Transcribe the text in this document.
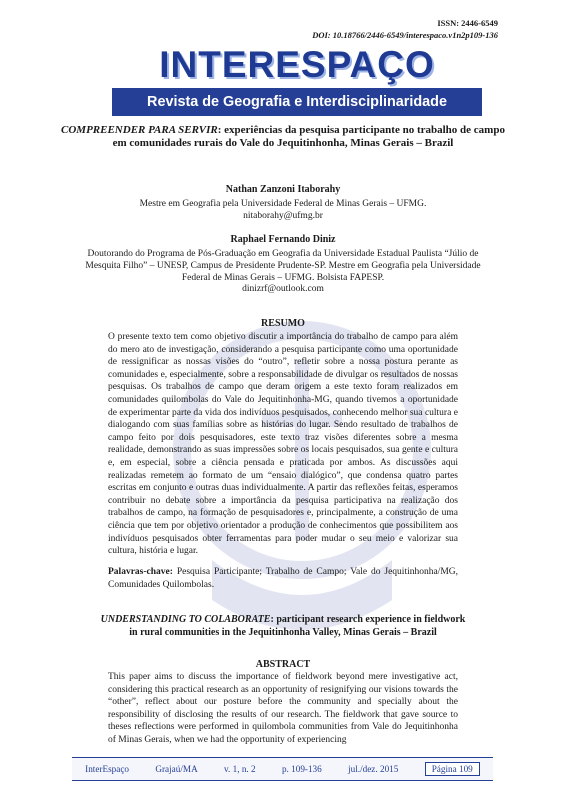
ISSN: 2446-6549
DOI: 10.18766/2446-6549/interespaco.v1n2p109-136
INTERESPAÇO
Revista de Geografia e Interdisciplinaridade
COMPREENDER PARA SERVIR: experiências da pesquisa participante no trabalho de campo em comunidades rurais do Vale do Jequitinhonha, Minas Gerais – Brazil
Nathan Zanzoni Itaborahy
Mestre em Geografia pela Universidade Federal de Minas Gerais – UFMG.
nitaborahy@ufmg.br
Raphael Fernando Diniz
Doutorando do Programa de Pós-Graduação em Geografia da Universidade Estadual Paulista “Júlio de Mesquita Filho” – UNESP, Campus de Presidente Prudente-SP. Mestre em Geografia pela Universidade Federal de Minas Gerais – UFMG. Bolsista FAPESP.
dinizrf@outlook.com
RESUMO
O presente texto tem como objetivo discutir a importância do trabalho de campo para além do mero ato de investigação, considerando a pesquisa participante como uma oportunidade de ressignificar as nossas visões do “outro”, refletir sobre a nossa postura perante as comunidades e, especialmente, sobre a responsabilidade de divulgar os resultados de nossas pesquisas. Os trabalhos de campo que deram origem a este texto foram realizados em comunidades quilombolas do Vale do Jequitinhonha-MG, quando tivemos a oportunidade de experimentar parte da vida dos indivíduos pesquisados, conhecendo melhor sua cultura e dialogando com suas famílias sobre as histórias do lugar. Sendo resultado de trabalhos de campo feito por dois pesquisadores, este texto traz visões diferentes sobre a mesma realidade, demonstrando as suas impressões sobre os locais pesquisados, sua gente e cultura e, em especial, sobre a ciência pensada e praticada por ambos. As discussões aqui realizadas remetem ao formato de um “ensaio dialógico”, que condensa quatro partes escritas em conjunto e outras duas individualmente. A partir das reflexões feitas, esperamos contribuir no debate sobre a importância da pesquisa participativa na realização dos trabalhos de campo, na formação de pesquisadores e, principalmente, a construção de uma ciência que tem por objetivo orientador a produção de conhecimentos que possibilitem aos indivíduos pesquisados obter ferramentas para poder mudar o seu meio e valorizar sua cultura, história e lugar.
Palavras-chave: Pesquisa Participante; Trabalho de Campo; Vale do Jequitinhonha/MG, Comunidades Quilombolas.
UNDERSTANDING TO COLABORATE: participant research experience in fieldwork in rural communities in the Jequitinhonha Valley, Minas Gerais – Brazil
ABSTRACT
This paper aims to discuss the importance of fieldwork beyond mere investigative act, considering this practical research as an opportunity of resignifying our visions towards the “other”, reflect about our posture before the community and specially about the responsibility of disclosing the results of our research. The fieldwork that gave source to theses reflections were performed in quilombola communities from Vale do Jequitinhonha of Minas Gerais, when we had the opportunity of experiencing
InterEspaço	Grajaú/MA	v. 1, n. 2	p. 109-136	jul./dez. 2015	Página 109
